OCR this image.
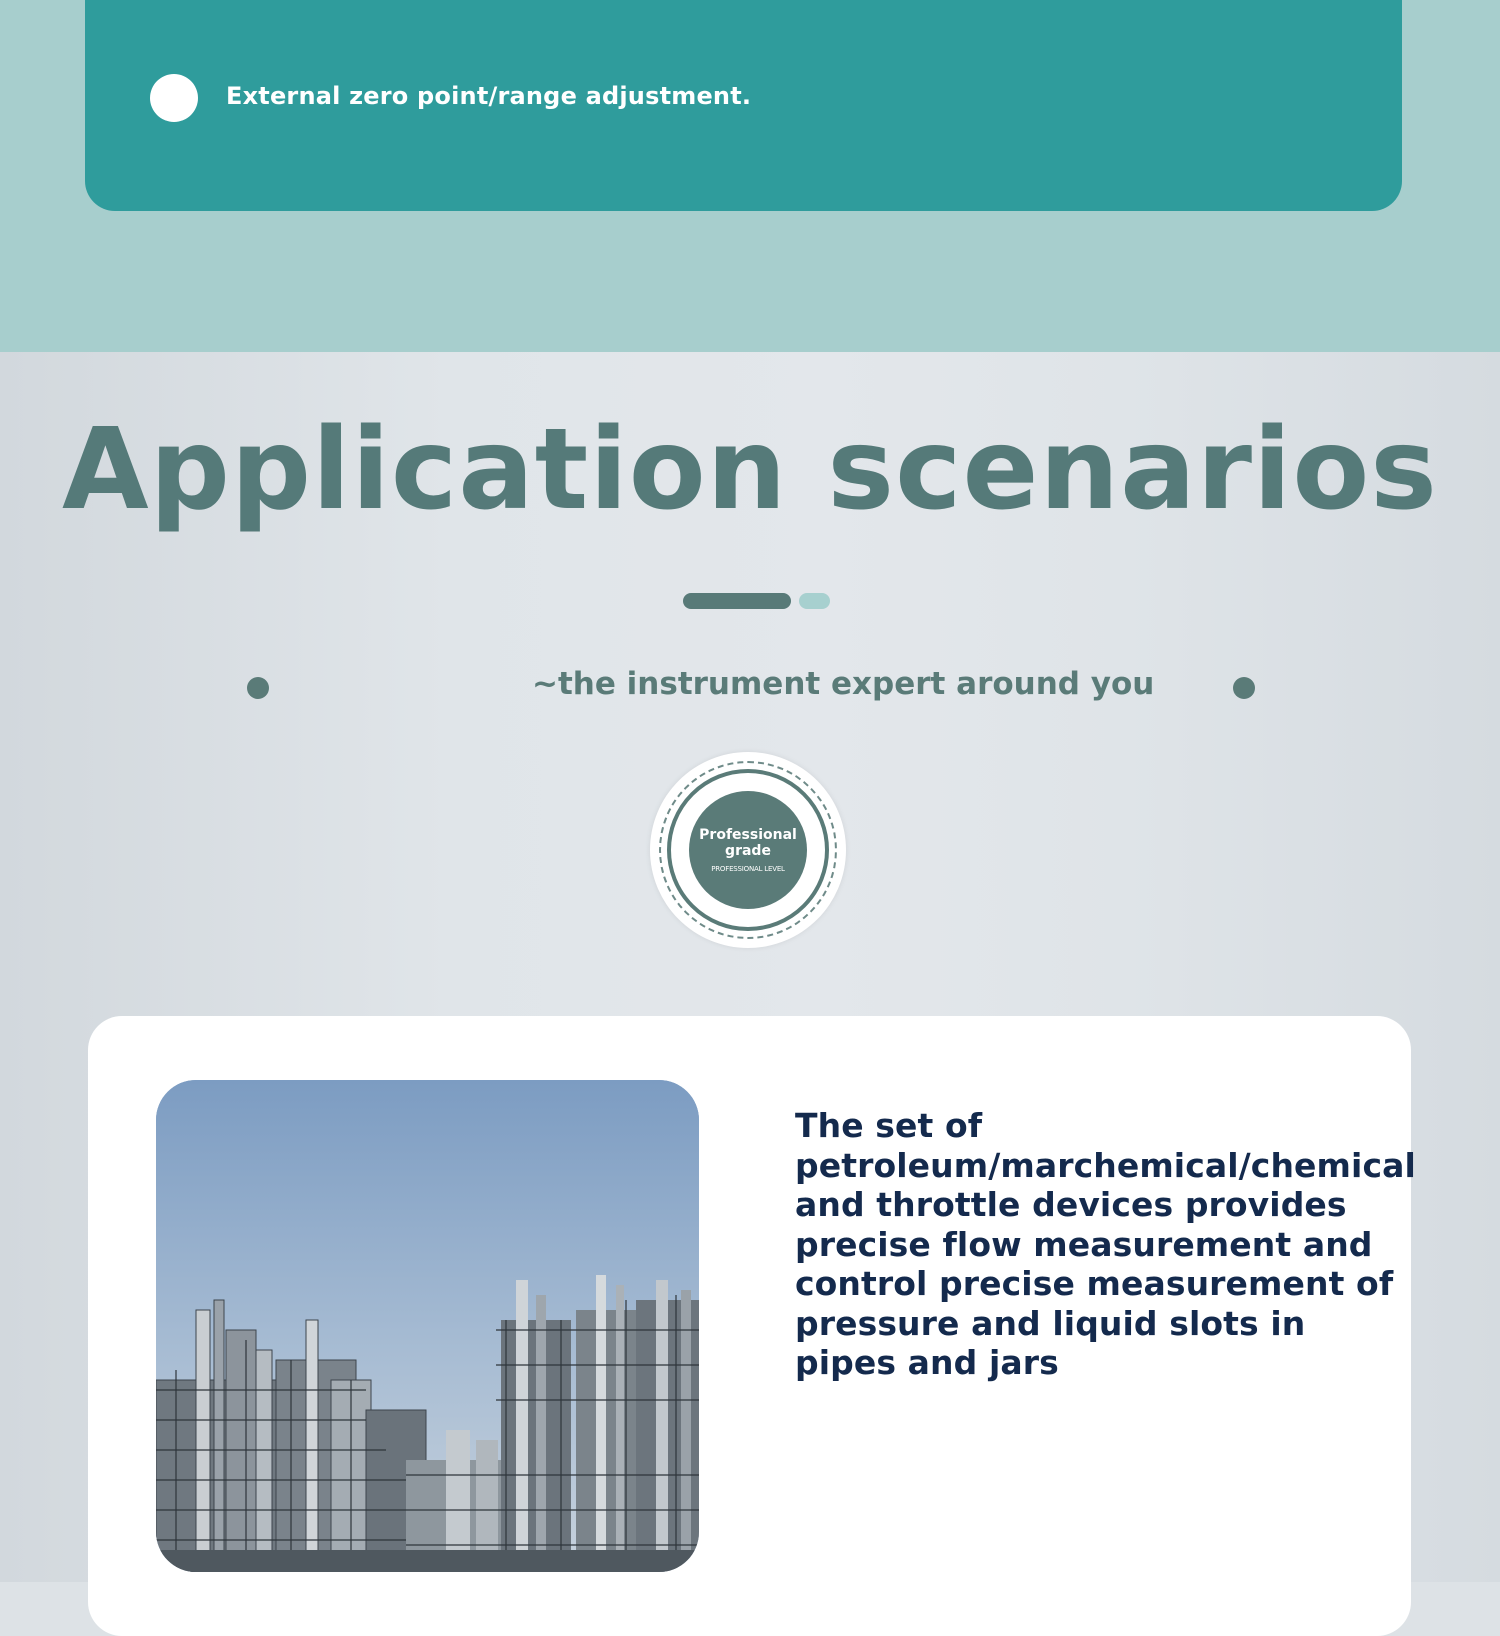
External zero point/range adjustment.
Application scenarios
~the instrument expert around you
Professional grade
PROFESSIONAL LEVEL
The set of petroleum/marchemical/chemical and throttle devices provides precise flow measurement and control precise measurement of pressure and liquid slots in pipes and jars
